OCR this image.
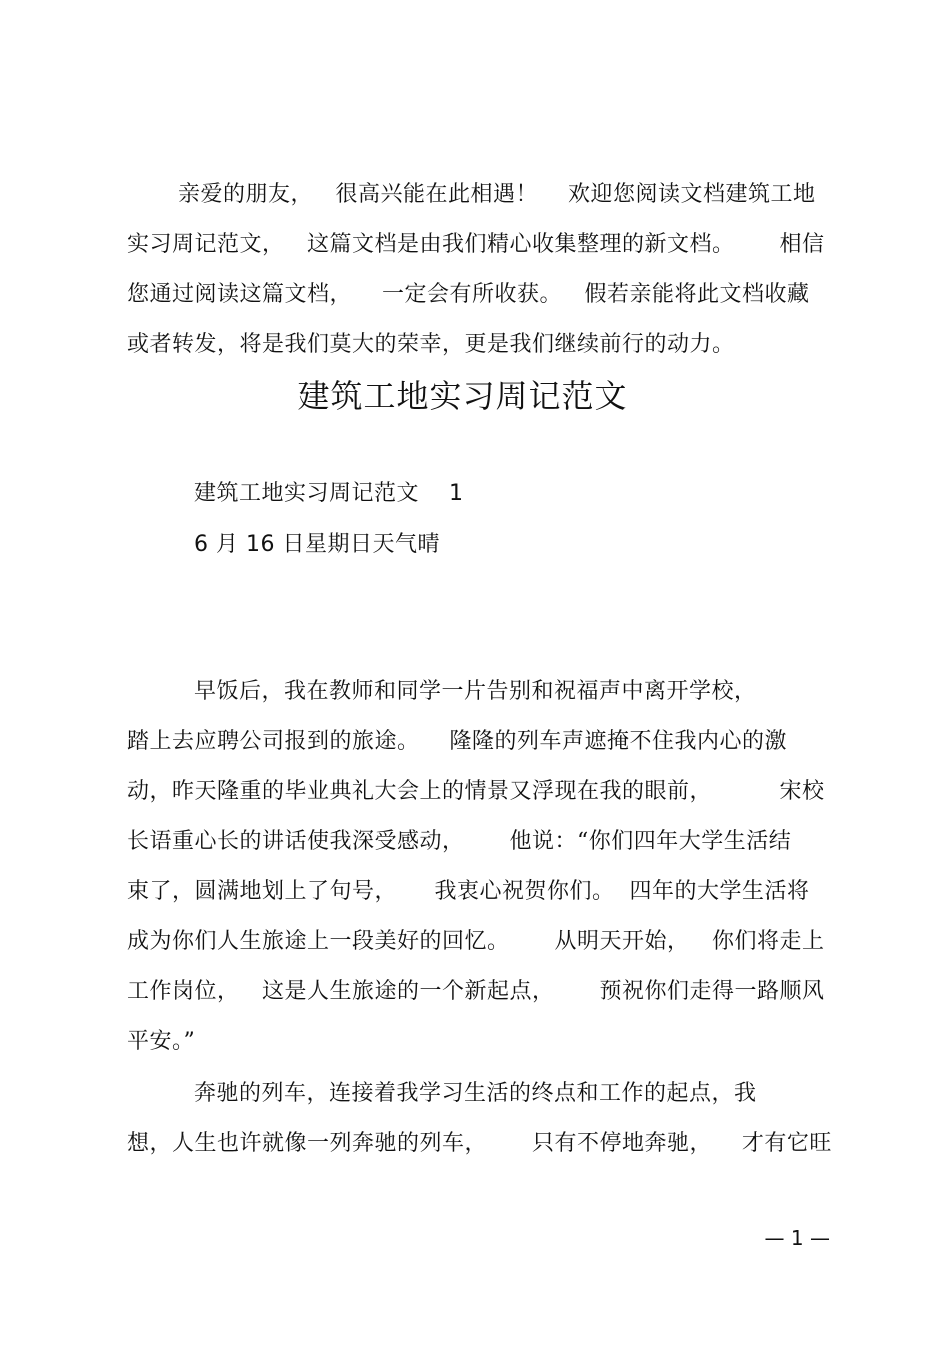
亲爱的朋友，   很高兴能在此相遇！    欢迎您阅读文档建筑工地
实习周记范文，   这篇文档是由我们精心收集整理的新文档。      相信
您通过阅读这篇文档，    一定会有所收获。   假若亲能将此文档收藏
或者转发，将是我们莫大的荣幸，更是我们继续前行的动力。
建筑工地实习周记范文
建筑工地实习周记范文    1
6 月 16 日星期日天气晴
早饭后，我在教师和同学一片告别和祝福声中离开学校，
踏上去应聘公司报到的旅途。    隆隆的列车声遮掩不住我内心的激
动，昨天隆重的毕业典礼大会上的情景又浮现在我的眼前，         宋校
长语重心长的讲话使我深受感动，      他说：“你们四年大学生活结
束了，圆满地划上了句号，     我衷心祝贺你们。  四年的大学生活将
成为你们人生旅途上一段美好的回忆。      从明天开始，   你们将走上
工作岗位，   这是人生旅途的一个新起点，      预祝你们走得一路顺风
平安。”
奔驰的列车，连接着我学习生活的终点和工作的起点，我
想，人生也许就像一列奔驰的列车，      只有不停地奔驰，    才有它旺
— 1 —
